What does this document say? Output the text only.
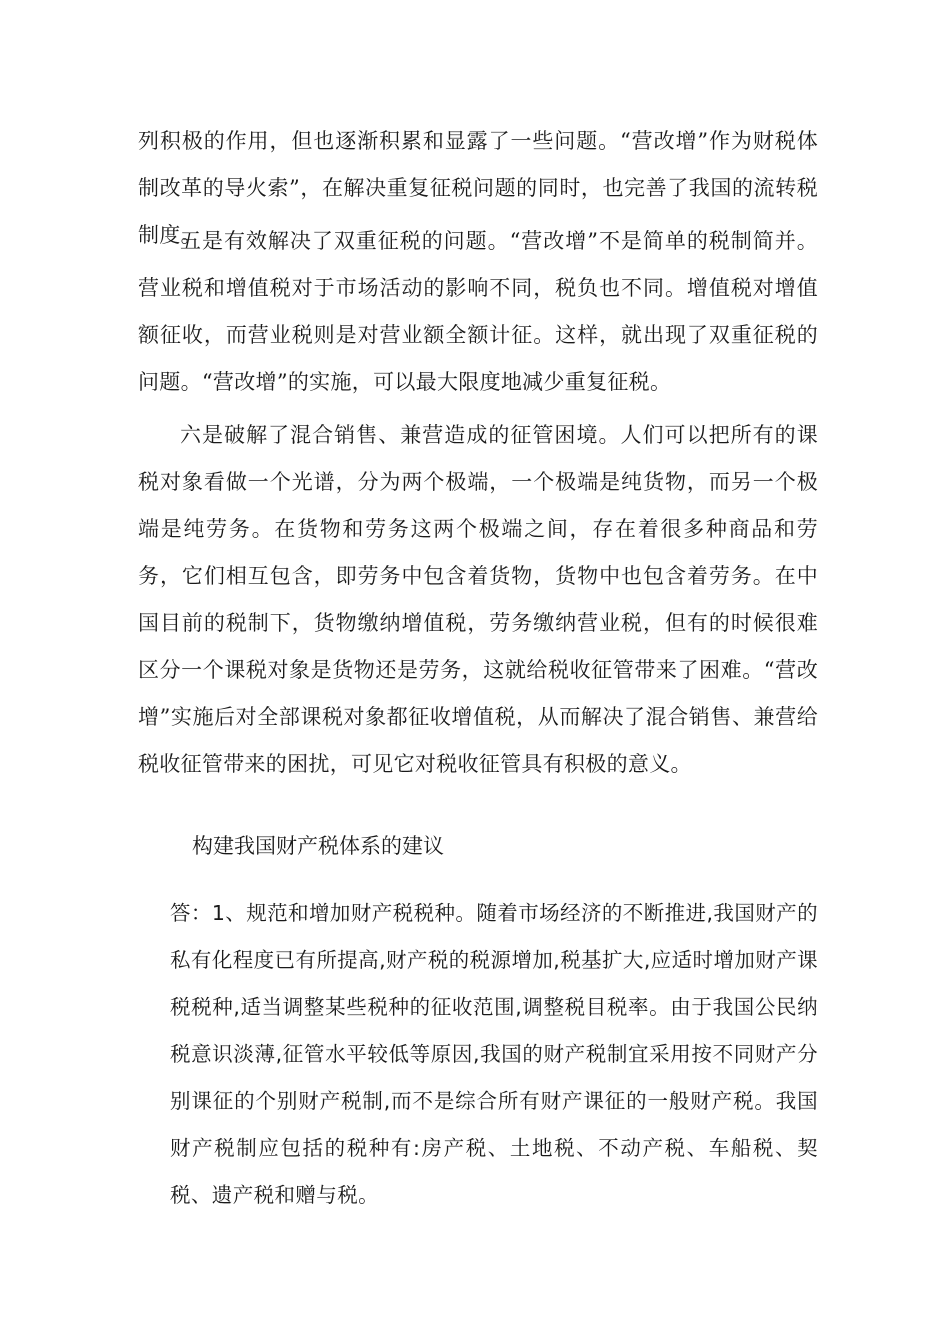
列积极的作用，但也逐渐积累和显露了一些问题。“营改增”作为财税体制改革的导火索”，在解决重复征税问题的同时，也完善了我国的流转税制度。

五是有效解决了双重征税的问题。“营改增”不是简单的税制简并。营业税和增值税对于市场活动的影响不同，税负也不同。增值税对增值额征收，而营业税则是对营业额全额计征。这样，就出现了双重征税的问题。“营改增”的实施，可以最大限度地减少重复征税。

六是破解了混合销售、兼营造成的征管困境。人们可以把所有的课税对象看做一个光谱，分为两个极端，一个极端是纯货物，而另一个极端是纯劳务。在货物和劳务这两个极端之间，存在着很多种商品和劳务，它们相互包含，即劳务中包含着货物，货物中也包含着劳务。在中国目前的税制下，货物缴纳增值税，劳务缴纳营业税，但有的时候很难区分一个课税对象是货物还是劳务，这就给税收征管带来了困难。“营改增”实施后对全部课税对象都征收增值税，从而解决了混合销售、兼营给税收征管带来的困扰，可见它对税收征管具有积极的意义。

构建我国财产税体系的建议

答：1、规范和增加财产税税种。随着市场经济的不断推进,我国财产的私有化程度已有所提高,财产税的税源增加,税基扩大,应适时增加财产课税税种,适当调整某些税种的征收范围,调整税目税率。由于我国公民纳税意识淡薄,征管水平较低等原因,我国的财产税制宜采用按不同财产分别课征的个别财产税制,而不是综合所有财产课征的一般财产税。我国财产税制应包括的税种有:房产税、土地税、不动产税、车船税、契税、遗产税和赠与税。
